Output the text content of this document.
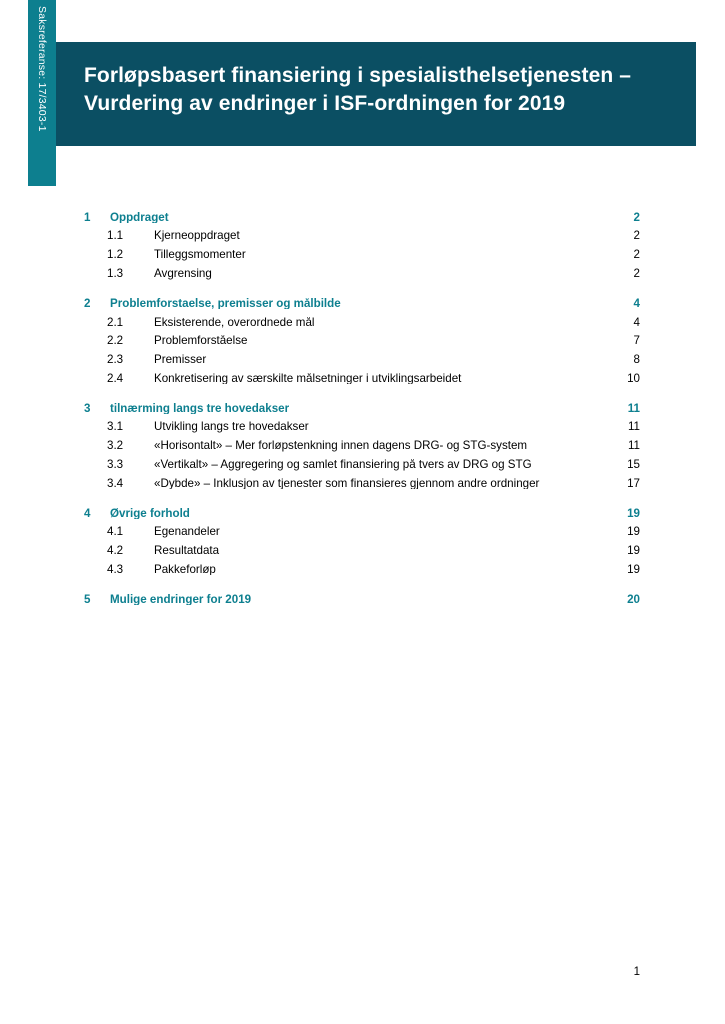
Saksreferanse: 17/3403-1	Forløpsbasert finansiering i spesialisthelsetjenesten – Vurdering av endringer i ISF-ordningen for 2019
1	Oppdraget	2
1.1	Kjerneoppdraget	2
1.2	Tilleggsmomenter	2
1.3	Avgrensing	2
2	Problemforstaelse, premisser og målbilde	4
2.1	Eksisterende, overordnede mål	4
2.2	Problemforståelse	7
2.3	Premisser	8
2.4	Konkretisering av særskilte målsetninger i utviklingsarbeidet	10
3	tilnærming langs tre hovedakser	11
3.1	Utvikling langs tre hovedakser	11
3.2	«Horisontalt» – Mer forløpstenkning innen dagens DRG- og STG-system	11
3.3	«Vertikalt» – Aggregering og samlet finansiering på tvers av DRG og STG	15
3.4	«Dybde» – Inklusjon av tjenester som finansieres gjennom andre ordninger	17
4	Øvrige forhold	19
4.1	Egenandeler	19
4.2	Resultatdata	19
4.3	Pakkeforløp	19
5	Mulige endringer for 2019	20
1
